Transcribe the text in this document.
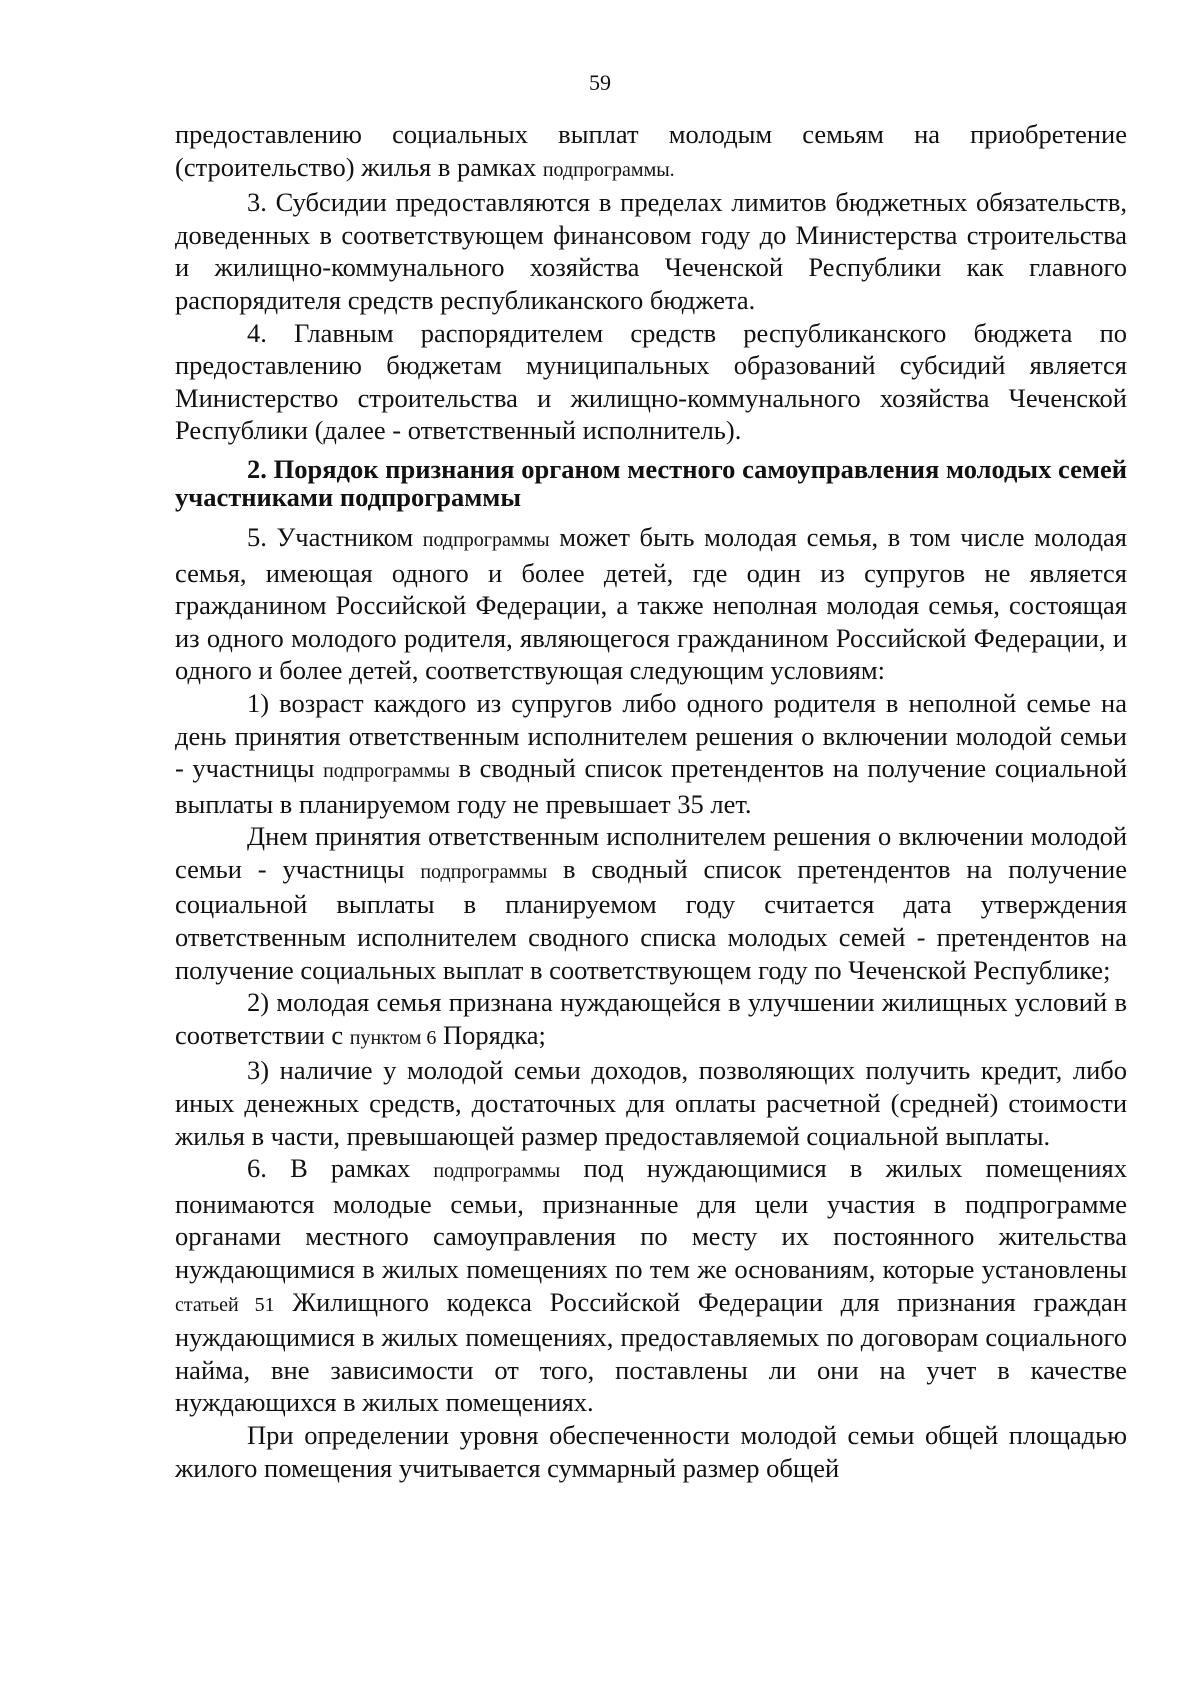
59

предоставлению социальных выплат молодым семьям на приобретение (строительство) жилья в рамках подпрограммы.

3. Субсидии предоставляются в пределах лимитов бюджетных обязательств, доведенных в соответствующем финансовом году до Министерства строительства и жилищно-коммунального хозяйства Чеченской Республики как главного распорядителя средств республиканского бюджета.

4. Главным распорядителем средств республиканского бюджета по предоставлению бюджетам муниципальных образований субсидий является Министерство строительства и жилищно-коммунального хозяйства Чеченской Республики (далее - ответственный исполнитель).

2. Порядок признания органом местного самоуправления молодых семей участниками подпрограммы

5. Участником подпрограммы может быть молодая семья, в том числе молодая семья, имеющая одного и более детей, где один из супругов не является гражданином Российской Федерации, а также неполная молодая семья, состоящая из одного молодого родителя, являющегося гражданином Российской Федерации, и одного и более детей, соответствующая следующим условиям:

1) возраст каждого из супругов либо одного родителя в неполной семье на день принятия ответственным исполнителем решения о включении молодой семьи - участницы подпрограммы в сводный список претендентов на получение социальной выплаты в планируемом году не превышает 35 лет.

Днем принятия ответственным исполнителем решения о включении молодой семьи - участницы подпрограммы в сводный список претендентов на получение социальной выплаты в планируемом году считается дата утверждения ответственным исполнителем сводного списка молодых семей - претендентов на получение социальных выплат в соответствующем году по Чеченской Республике;

2) молодая семья признана нуждающейся в улучшении жилищных условий в соответствии с пунктом 6 Порядка;

3) наличие у молодой семьи доходов, позволяющих получить кредит, либо иных денежных средств, достаточных для оплаты расчетной (средней) стоимости жилья в части, превышающей размер предоставляемой социальной выплаты.

6. В рамках подпрограммы под нуждающимися в жилых помещениях понимаются молодые семьи, признанные для цели участия в подпрограмме органами местного самоуправления по месту их постоянного жительства нуждающимися в жилых помещениях по тем же основаниям, которые установлены статьей 51 Жилищного кодекса Российской Федерации для признания граждан нуждающимися в жилых помещениях, предоставляемых по договорам социального найма, вне зависимости от того, поставлены ли они на учет в качестве нуждающихся в жилых помещениях.

При определении уровня обеспеченности молодой семьи общей площадью жилого помещения учитывается суммарный размер общей
